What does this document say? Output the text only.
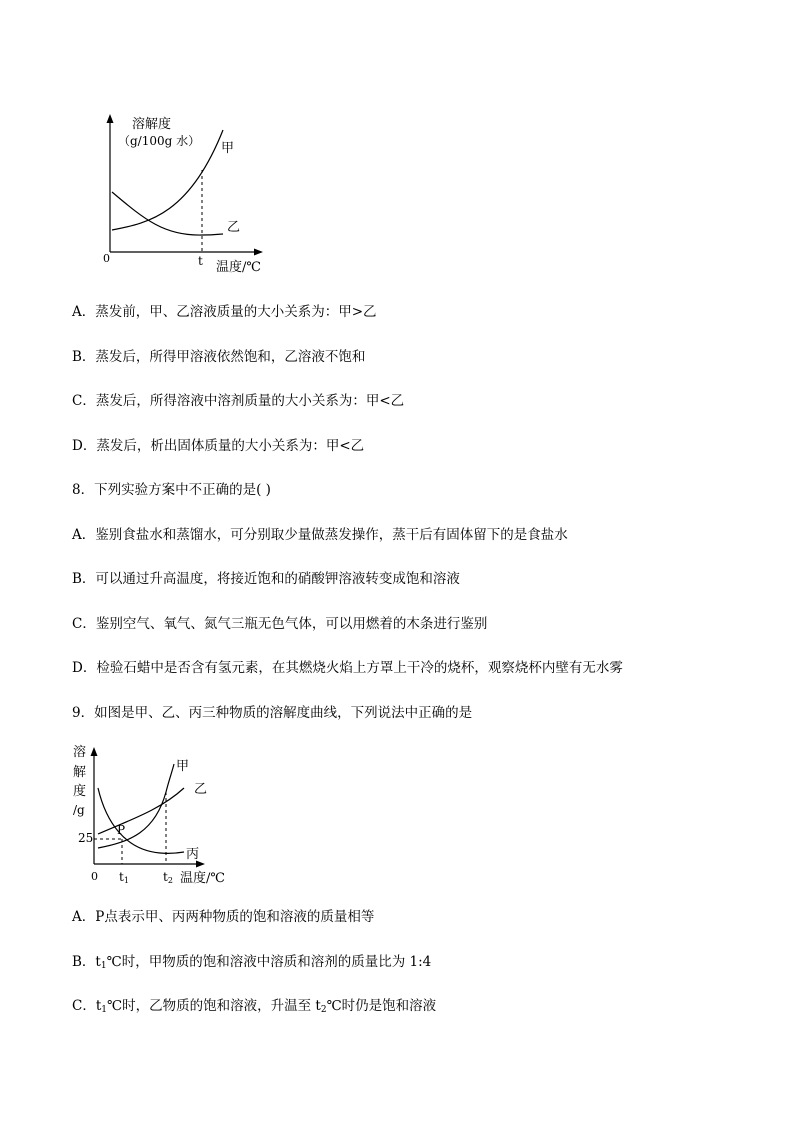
溶解度
（g/100g 水）
0	t 温度/℃
甲
乙
A．蒸发前，甲、乙溶液质量的大小关系为：甲>乙
B．蒸发后，所得甲溶液依然饱和，乙溶液不饱和
C．蒸发后，所得溶液中溶剂质量的大小关系为：甲<乙
D．蒸发后，析出固体质量的大小关系为：甲<乙
8．下列实验方案中不正确的是( )
A．鉴别食盐水和蒸馏水，可分别取少量做蒸发操作，蒸干后有固体留下的是食盐水
B．可以通过升高温度，将接近饱和的硝酸钾溶液转变成饱和溶液
C．鉴别空气、氧气、氮气三瓶无色气体，可以用燃着的木条进行鉴别
D．检验石蜡中是否含有氢元素，在其燃烧火焰上方罩上干冷的烧杯，观察烧杯内壁有无水雾
9．如图是甲、乙、丙三种物质的溶解度曲线，下列说法中正确的是
溶
解
度
/g
25
P
0 t1	t2 温度/℃
甲
乙
丙
A．P点表示甲、丙两种物质的饱和溶液的质量相等
B．$t_1℃$时，甲物质的饱和溶液中溶质和溶剂的质量比为 1:4
C．$t_1℃$时，乙物质的饱和溶液，升温至 $t_2℃$时仍是饱和溶液
